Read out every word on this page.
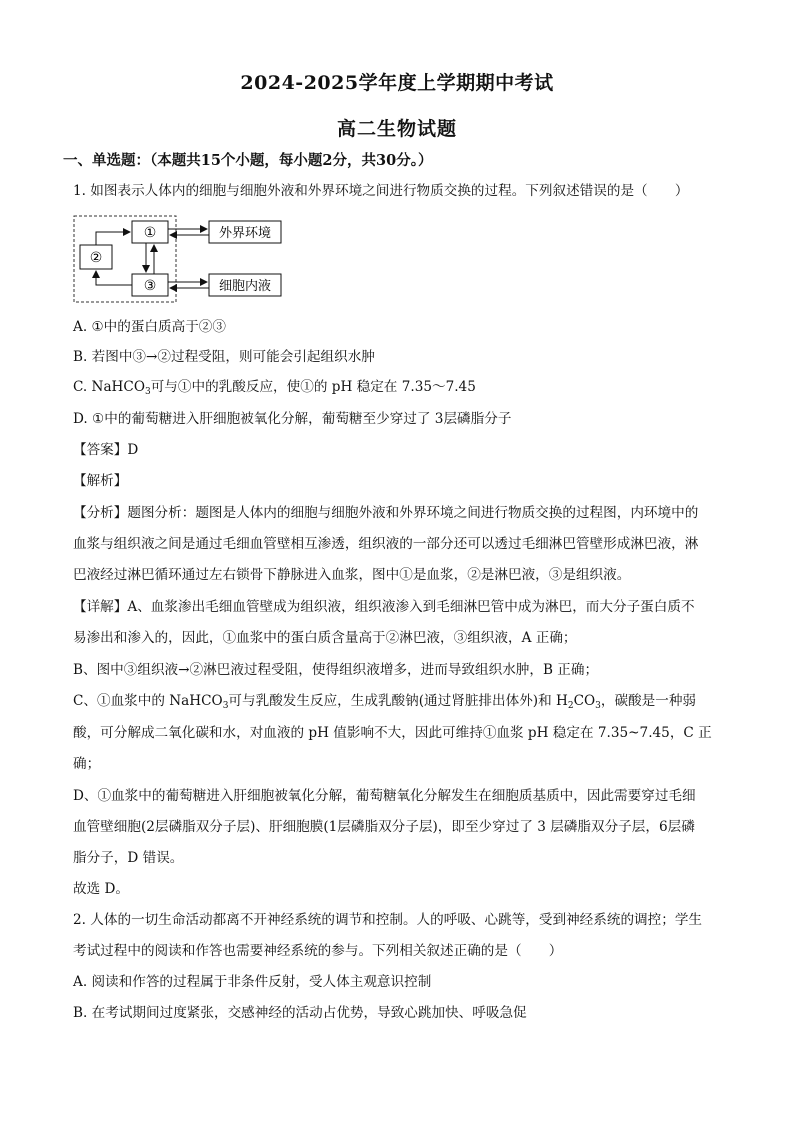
2024-2025学年度上学期期中考试
高二生物试题
一、单选题：（本题共15个小题，每小题2分，共30分。）
1. 如图表示人体内的细胞与细胞外液和外界环境之间进行物质交换的过程。下列叙述错误的是（　　）
①
②
③
外界环境
细胞内液
A. ①中的蛋白质高于②③
B. 若图中③→②过程受阻，则可能会引起组织水肿
C. NaHCO$_3$可与①中的乳酸反应，使①的 pH 稳定在 7.35～7.45
D. ①中的葡萄糖进入肝细胞被氧化分解，葡萄糖至少穿过了 3层磷脂分子
【答案】D
【解析】
【分析】题图分析：题图是人体内的细胞与细胞外液和外界环境之间进行物质交换的过程图，内环境中的
血浆与组织液之间是通过毛细血管壁相互渗透，组织液的一部分还可以透过毛细淋巴管壁形成淋巴液，淋
巴液经过淋巴循环通过左右锁骨下静脉进入血浆，图中①是血浆，②是淋巴液，③是组织液。
【详解】A、血浆渗出毛细血管壁成为组织液，组织液渗入到毛细淋巴管中成为淋巴，而大分子蛋白质不
易渗出和渗入的，因此，①血浆中的蛋白质含量高于②淋巴液，③组织液，A 正确；
B、图中③组织液→②淋巴液过程受阻，使得组织液增多，进而导致组织水肿，B 正确；
C、①血浆中的 NaHCO$_3$可与乳酸发生反应，生成乳酸钠(通过肾脏排出体外)和 $H_2CO_3$，碳酸是一种弱
酸，可分解成二氧化碳和水，对血液的 pH 值影响不大，因此可维持①血浆 pH 稳定在 7.35~7.45，C 正
确；
D、①血浆中的葡萄糖进入肝细胞被氧化分解，葡萄糖氧化分解发生在细胞质基质中，因此需要穿过毛细
血管壁细胞(2层磷脂双分子层)、肝细胞膜(1层磷脂双分子层)，即至少穿过了 3 层磷脂双分子层，6层磷
脂分子，D 错误。
故选 D。
2. 人体的一切生命活动都离不开神经系统的调节和控制。人的呼吸、心跳等，受到神经系统的调控；学生
考试过程中的阅读和作答也需要神经系统的参与。下列相关叙述正确的是（　　）
A. 阅读和作答的过程属于非条件反射，受人体主观意识控制
B. 在考试期间过度紧张，交感神经的活动占优势，导致心跳加快、呼吸急促
